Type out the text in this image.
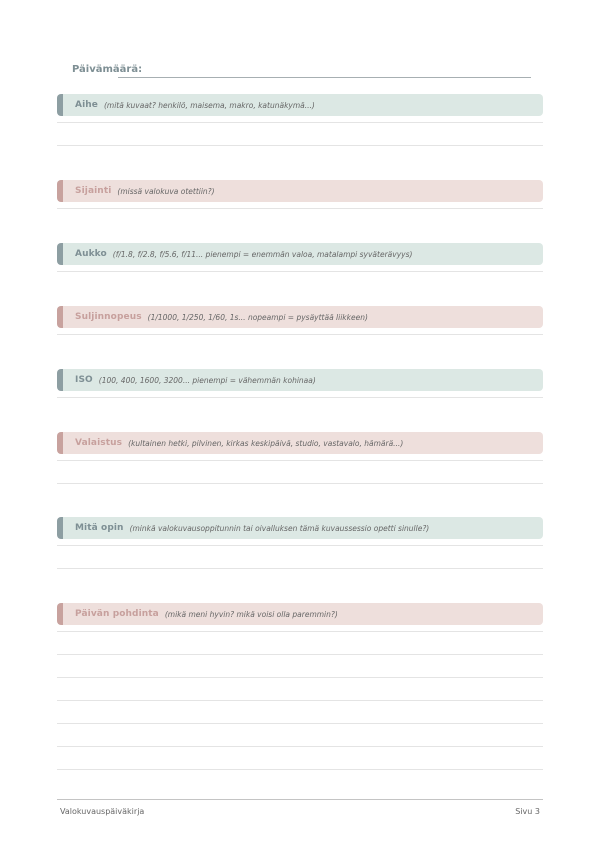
Päivämäärä:
Aihe (mitä kuvaat? henkilö, maisema, makro, katunäkymä...)
Sijainti (missä valokuva otettiin?)
Aukko (f/1.8, f/2.8, f/5.6, f/11... pienempi = enemmän valoa, matalampi syväterävyys)
Suljinnopeus (1/1000, 1/250, 1/60, 1s... nopeampi = pysäyttää liikkeen)
ISO (100, 400, 1600, 3200... pienempi = vähemmän kohinaa)
Valaistus (kultainen hetki, pilvinen, kirkas keskipäivä, studio, vastavalo, hämärä...)
Mitä opin (minkä valokuvausoppitunnin tai oivalluksen tämä kuvaussessio opetti sinulle?)
Päivän pohdinta (mikä meni hyvin? mikä voisi olla paremmin?)
Valokuvauspäiväkirja	Sivu 3
